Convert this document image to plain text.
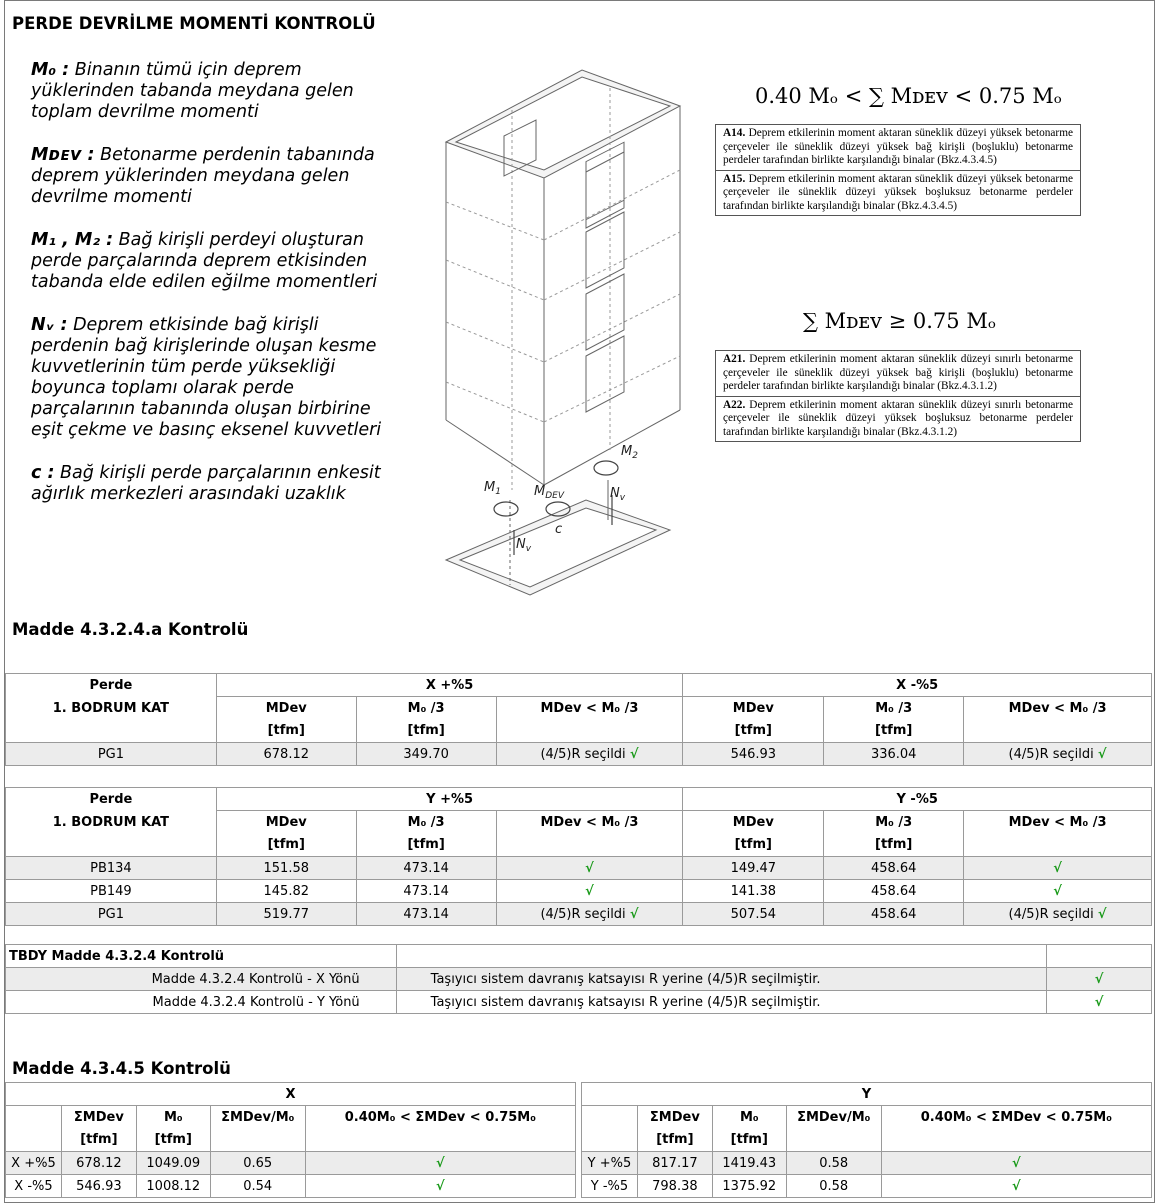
PERDE DEVRİLME MOMENTİ KONTROLÜ

M₀ : Binanın tümü için deprem yüklerinden tabanda meydana gelen toplam devrilme momenti

Mᴅᴇᴠ : Betonarme perdenin tabanında deprem yüklerinden meydana gelen devrilme momenti

M₁ , M₂ : Bağ kirişli perdeyi oluşturan perde parçalarında deprem etkisinden tabanda elde edilen eğilme momentleri

Nᵥ : Deprem etkisinde bağ kirişli perdenin bağ kirişlerinde oluşan kesme kuvvetlerinin tüm perde yüksekliği boyunca toplamı olarak perde parçalarının tabanında oluşan birbirine eşit çekme ve basınç eksenel kuvvetleri

c : Bağ kirişli perde parçalarının enkesit ağırlık merkezleri arasındaki uzaklık	$M_1$	$M_{DEV}$	$N_v$
$N_v$
$M_2$
c
0.40 Mₒ < ∑ Mᴅᴇᴠ < 0.75 Mₒ
A14. Deprem etkilerinin moment aktaran süneklik düzeyi yüksek betonarme çerçeveler ile süneklik düzeyi yüksek bağ kirişli (boşluklu) betonarme perdeler tarafından birlikte karşılandığı binalar (Bkz.4.3.4.5)
A15. Deprem etkilerinin moment aktaran süneklik düzeyi yüksek betonarme çerçeveler ile süneklik düzeyi yüksek boşluksuz betonarme perdeler tarafından birlikte karşılandığı binalar (Bkz.4.3.4.5)
∑ Mᴅᴇᴠ ≥ 0.75 Mₒ
A21. Deprem etkilerinin moment aktaran süneklik düzeyi sınırlı betonarme çerçeveler ile süneklik düzeyi yüksek bağ kirişli (boşluklu) betonarme perdeler tarafından birlikte karşılandığı binalar (Bkz.4.3.1.2)
A22. Deprem etkilerinin moment aktaran süneklik düzeyi sınırlı betonarme çerçeveler ile süneklik düzeyi yüksek boşluksuz betonarme perdeler tarafından birlikte karşılandığı binalar (Bkz.4.3.1.2)
Madde 4.3.2.4.a Kontrolü
Perde	X +%5			X -%5		
1. BODRUM KAT	MDev	M₀ /3	MDev < M₀ /3	MDev	M₀ /3	MDev < M₀ /3
	[tfm]	[tfm]		[tfm]	[tfm]	
PG1	678.12	349.70	(4/5)R seçildi √	546.93	336.04	(4/5)R seçildi √
Perde	Y +%5			Y -%5		
1. BODRUM KAT	MDev	M₀ /3	MDev < M₀ /3	MDev	M₀ /3	MDev < M₀ /3
	[tfm]	[tfm]		[tfm]	[tfm]	
PB134	151.58	473.14	√	149.47	458.64	√
PB149	145.82	473.14	√	141.38	458.64	√
PG1	519.77	473.14	(4/5)R seçildi √	507.54	458.64	(4/5)R seçildi √
TBDY Madde 4.3.2.4 Kontrolü		
Madde 4.3.2.4 Kontrolü - X Yönü	Taşıyıcı sistem davranış katsayısı R yerine (4/5)R seçilmiştir.	√
Madde 4.3.2.4 Kontrolü - Y Yönü	Taşıyıcı sistem davranış katsayısı R yerine (4/5)R seçilmiştir.	√
Madde 4.3.4.5 Kontrolü
X				
	ΣMDev	M₀	ΣMDev/M₀	0.40M₀ < ΣMDev < 0.75M₀
	[tfm]	[tfm]		
X +%5	678.12	1049.09	0.65	√
X -%5	546.93	1008.12	0.54	√
Y				
	ΣMDev	M₀	ΣMDev/M₀	0.40M₀ < ΣMDev < 0.75M₀
	[tfm]	[tfm]		
Y +%5	817.17	1419.43	0.58	√
Y -%5	798.38	1375.92	0.58	√
